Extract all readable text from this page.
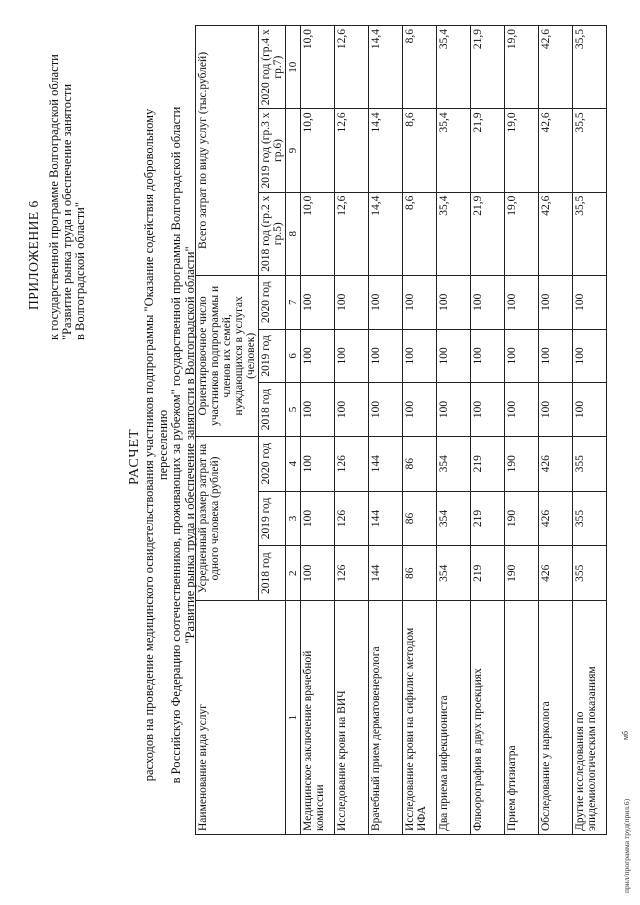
ПРИЛОЖЕНИЕ 6 к государственной программе Волгоградской области "Развитие рынка труда и обеспечение занятости в Волгоградской области"
РАСЧЕТ расходов на проведение медицинского освидетельствования участников подпрограммы "Оказание содействия добровольному переселению в Российскую Федерацию соотечественников, проживающих за рубежом" государственной программы Волгоградской области "Развитие рынка труда и обеспечение занятости в Волгоградской области"
Наименование вида услуг	Усредненный размер затрат на одного человека (рублей)			Ориентировочное число участников подпрограммы и членов их семей, нуждающихся в услугах (человек)			Всего затрат по виду услуг (тыс.рублей)		
	2018 год	2019 год	2020 год	2018 год	2019 год	2020 год	2018 год (гр.2 х гр.5)	2019 год (гр.3 х гр.6)	2020 год (гр.4 х гр.7)
1	2	3	4	5	6	7	8	9	10
Медицинское заключение врачебной комиссии	100	100	100	100	100	100	10,0	10,0	10,0
Исследование крови на ВИЧ	126	126	126	100	100	100	12,6	12,6	12,6
Врачебный прием дерматовенеролога	144	144	144	100	100	100	14,4	14,4	14,4
Исследование крови на сифилис методом ИФА	86	86	86	100	100	100	8,6	8,6	8,6
Два приема инфекциониста	354	354	354	100	100	100	35,4	35,4	35,4
Флюорография в двух проекциях	219	219	219	100	100	100	21,9	21,9	21,9
Прием фтизиатра	190	190	190	100	100	100	19,0	19,0	19,0
Обследование у нарколога	426	426	426	100	100	100	42,6	42,6	42,6
Другие исследования по эпидемиологическим показаниям	355	355	355	100	100	100	35,5	35,5	35,5
прил/программа труд(прил.6)
мб
